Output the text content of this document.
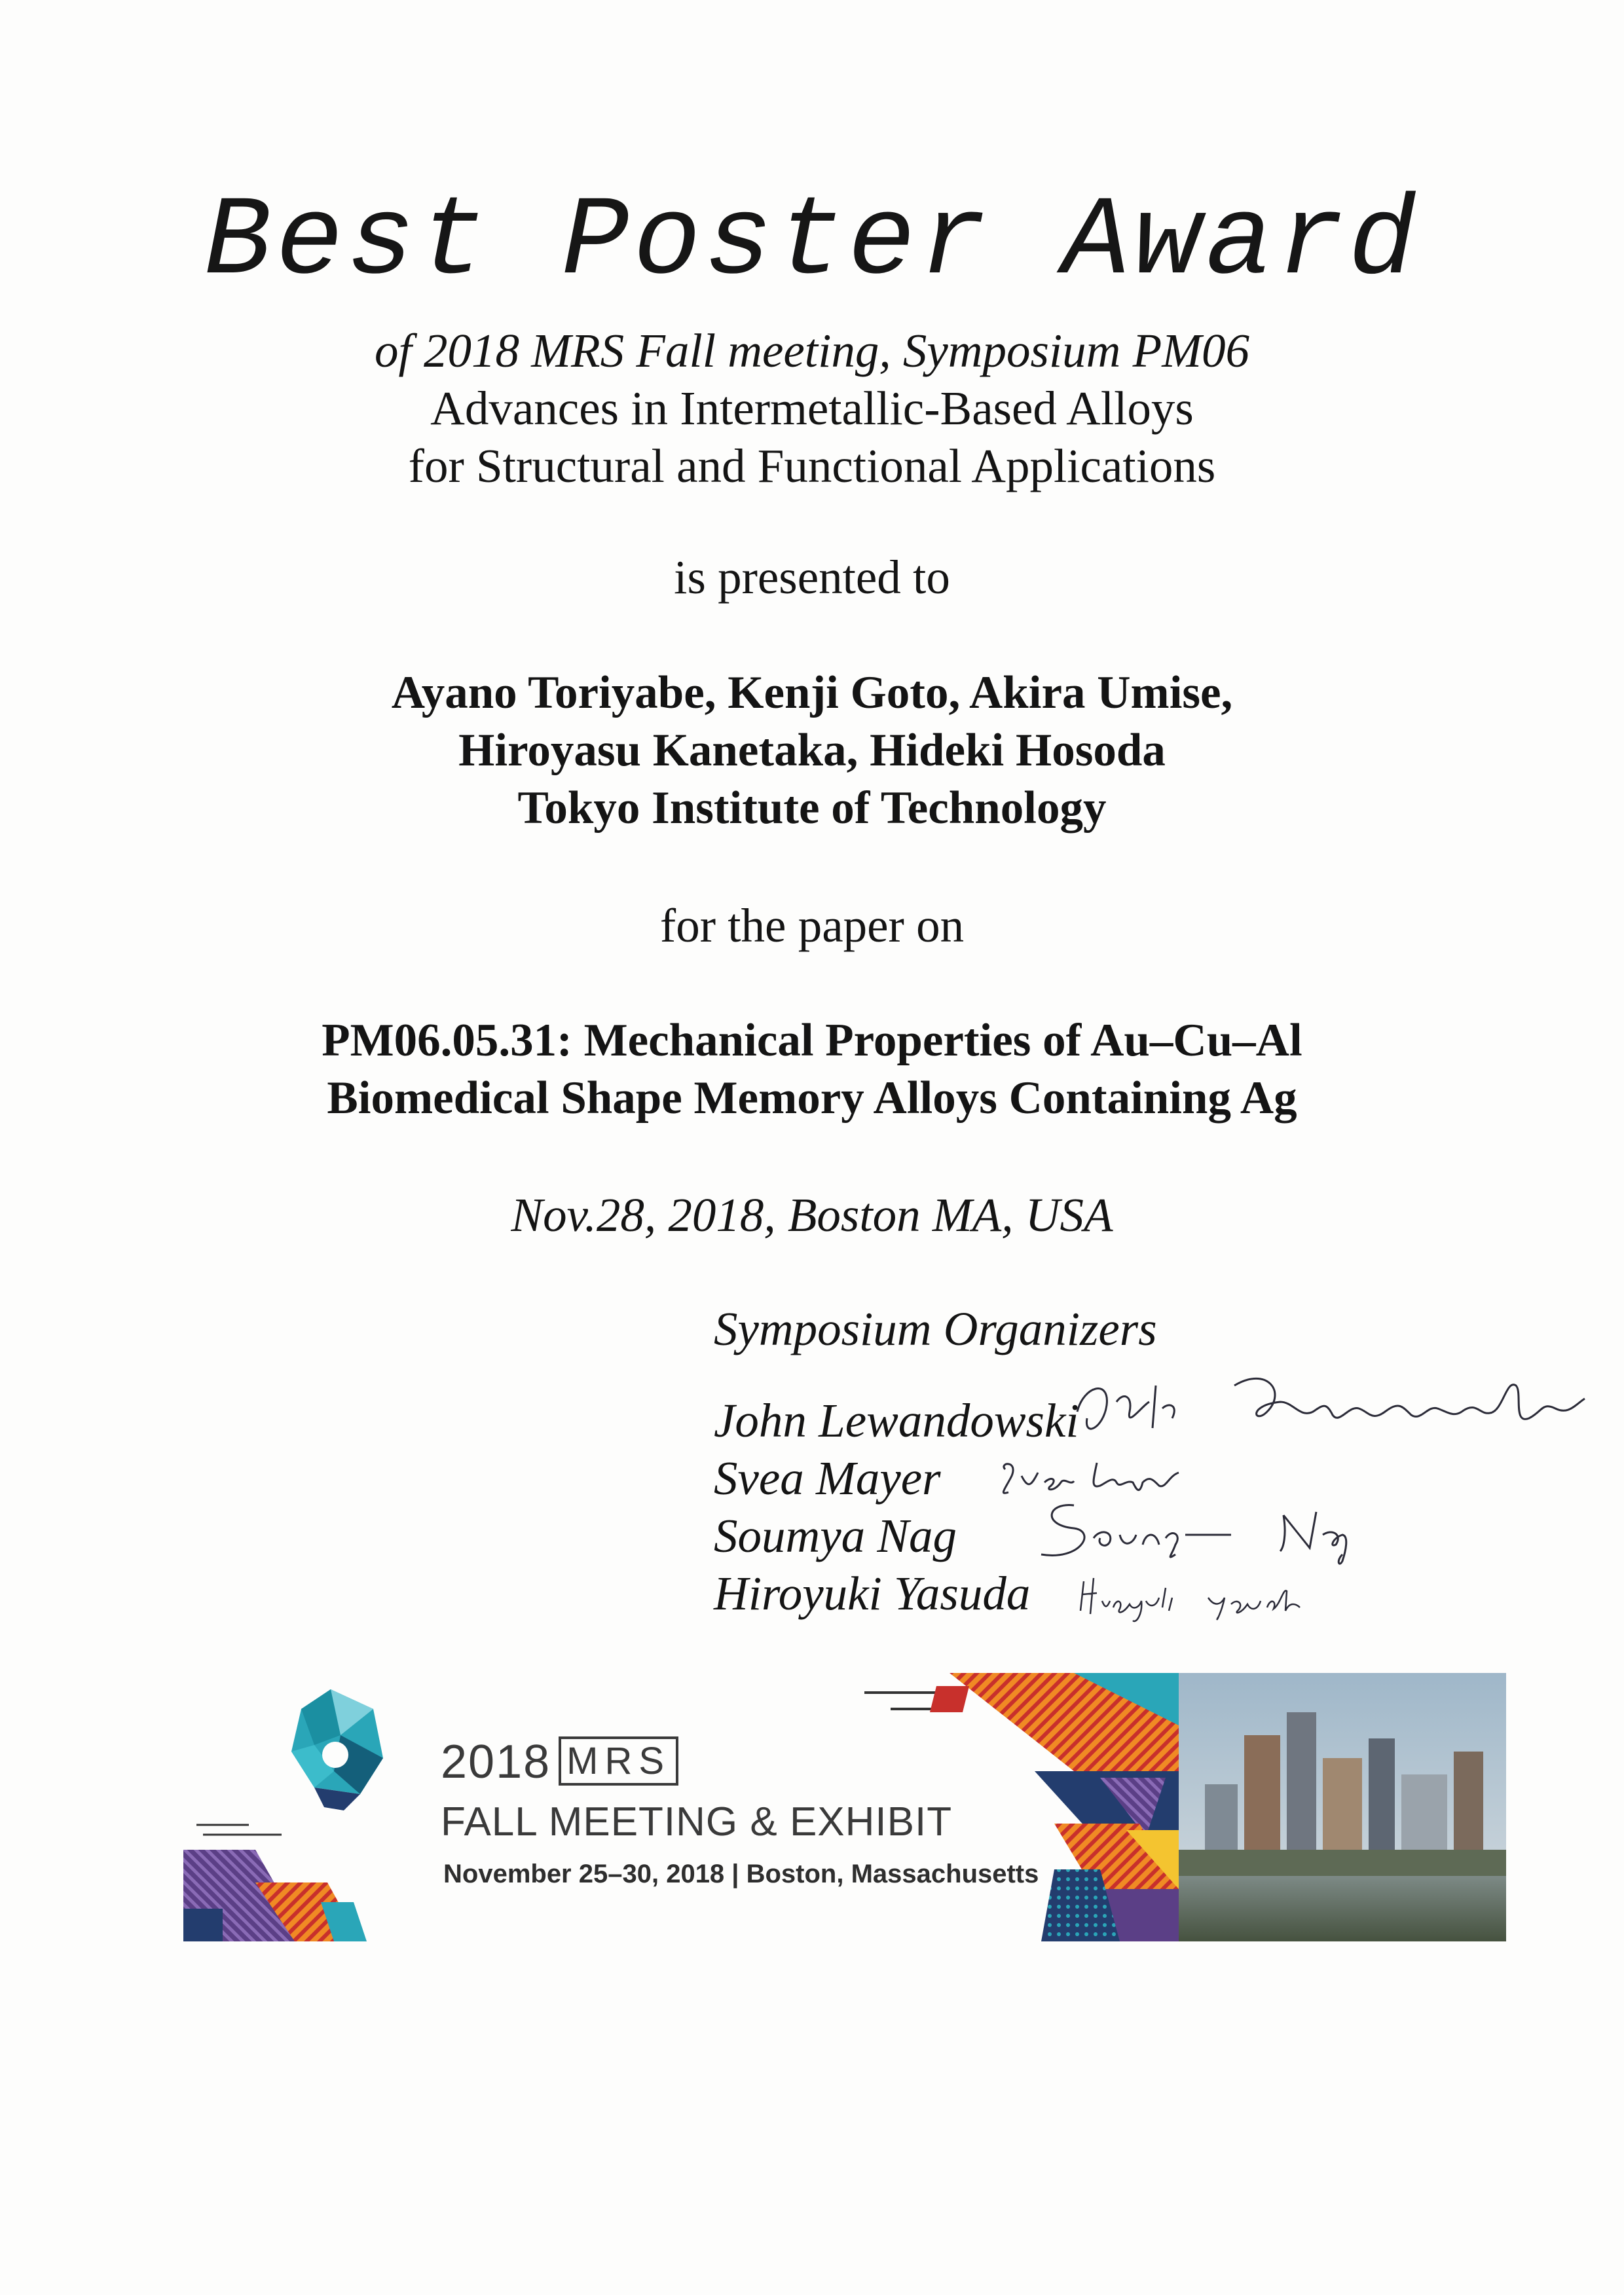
Best Poster Award
of 2018 MRS Fall meeting, Symposium PM06
Advances in Intermetallic-Based Alloys
for Structural and Functional Applications
is presented to
Ayano Toriyabe, Kenji Goto, Akira Umise,
Hiroyasu Kanetaka, Hideki Hosoda
Tokyo Institute of Technology
for the paper on
PM06.05.31: Mechanical Properties of Au–Cu–Al
Biomedical Shape Memory Alloys Containing Ag
Nov.28, 2018, Boston MA, USA
Symposium Organizers
John Lewandowski
Svea Mayer
Soumya Nag
Hiroyuki Yasuda
2018 MRS
FALL MEETING & EXHIBIT
November 25–30, 2018 | Boston, Massachusetts
